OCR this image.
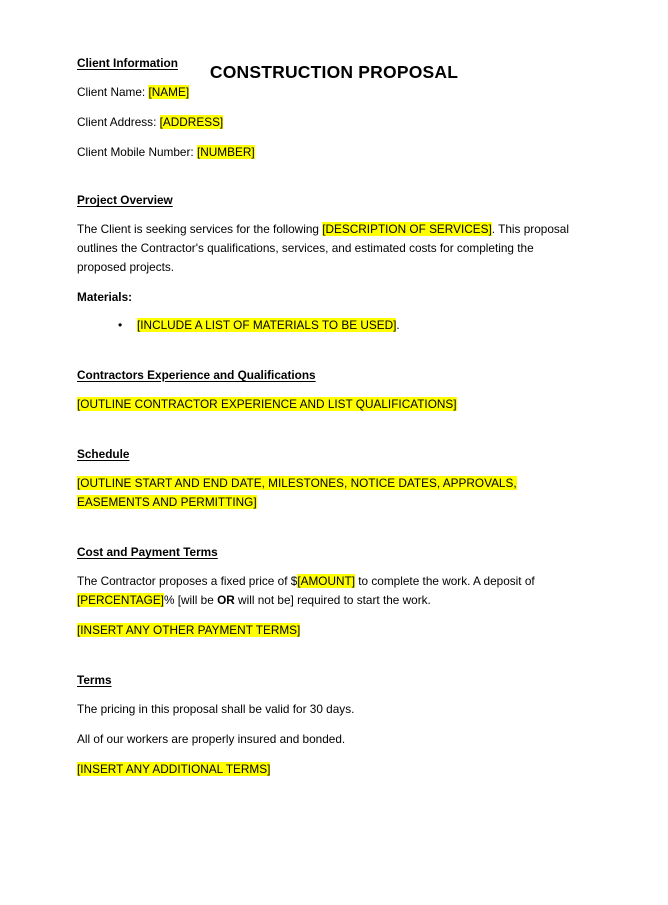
CONSTRUCTION PROPOSAL
Client Information

Client Name: [NAME]

Client Address: [ADDRESS]

Client Mobile Number: [NUMBER]

Project Overview

The Client is seeking services for the following [DESCRIPTION OF SERVICES]. This proposal outlines the Contractor's qualifications, services, and estimated costs for completing the proposed projects.

Materials:

• [INCLUDE A LIST OF MATERIALS TO BE USED].
Contractors Experience and Qualifications

[OUTLINE CONTRACTOR EXPERIENCE AND LIST QUALIFICATIONS]

Schedule

[OUTLINE START AND END DATE, MILESTONES, NOTICE DATES, APPROVALS, EASEMENTS AND PERMITTING]

Cost and Payment Terms

The Contractor proposes a fixed price of $[AMOUNT] to complete the work. A deposit of [PERCENTAGE]% [will be OR will not be] required to start the work.

[INSERT ANY OTHER PAYMENT TERMS]

Terms

The pricing in this proposal shall be valid for 30 days.

All of our workers are properly insured and bonded.

[INSERT ANY ADDITIONAL TERMS]
